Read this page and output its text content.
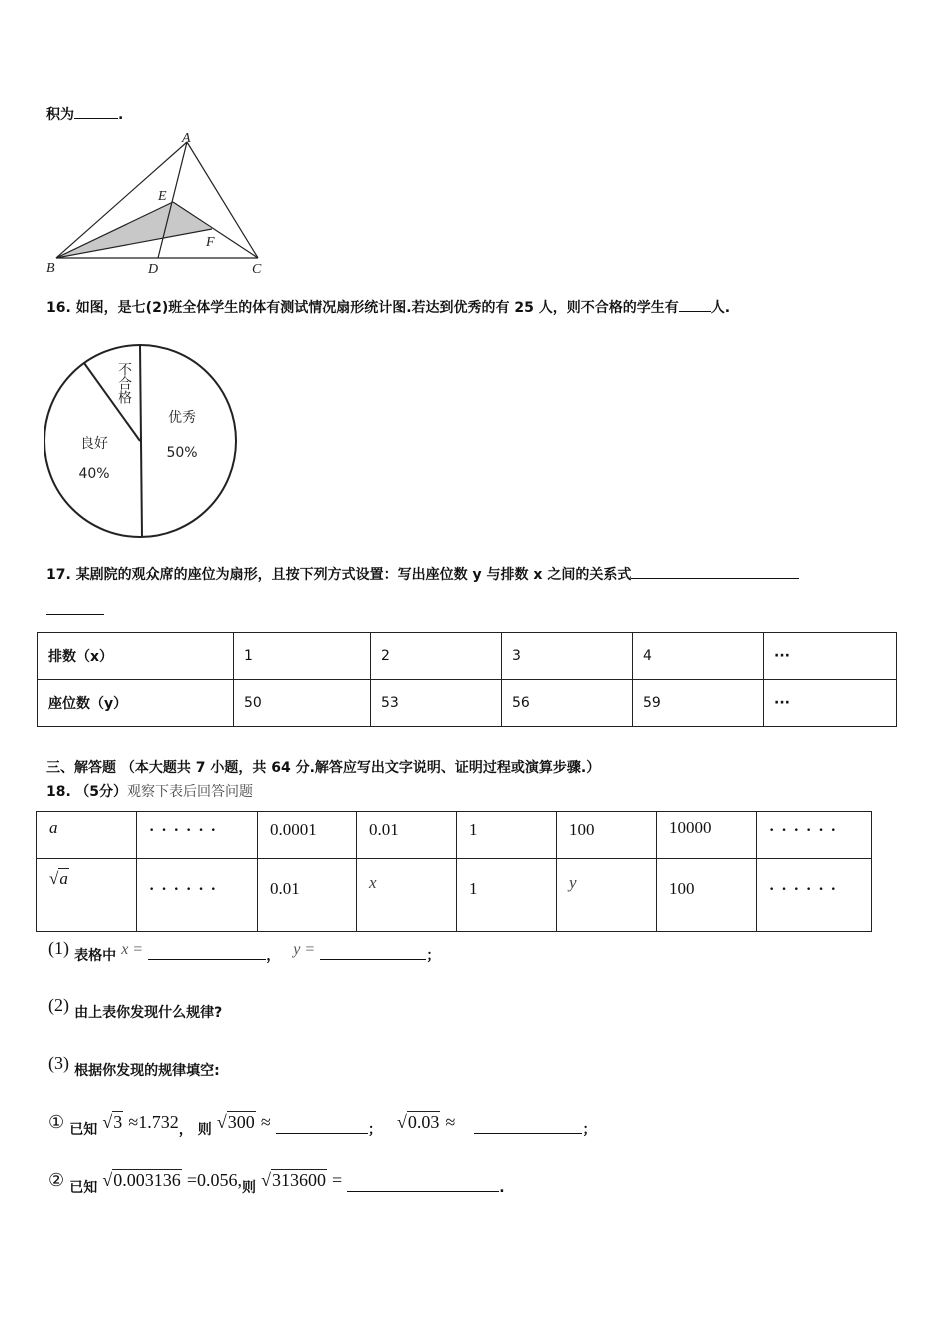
积为	.
A
B	C
D
E
F
16. 如图，是七(2)班全体学生的体有测试情况扇形统计图.若达到优秀的有 25 人，则不合格的学生有 人.
优秀
50%
良好
40%
不合格
17. 某剧院的观众席的座位为扇形，且按下列方式设置：写出座位数 y 与排数 x 之间的关系式
排数（x）	1	2	3	4	···
座位数（y）	50	53	56	59	···
三、解答题 （本大题共 7 小题，共 64 分.解答应写出文字说明、证明过程或演算步骤.）
18. （5分）观察下表后回答问题
a	······	0.0001	0.01	1	100	10000	······

√a	······	0.01	x	1	y	100	······
(1) 表格中 x =	， y =	；
(2) 由上表你发现什么规律?
(3) 根据你发现的规律填空:
① 已知 √3 ≈1.732， 则 √300 ≈	； √0.03 ≈	；
② 已知 √0.003136 =0.056,则 √313600 =	.
